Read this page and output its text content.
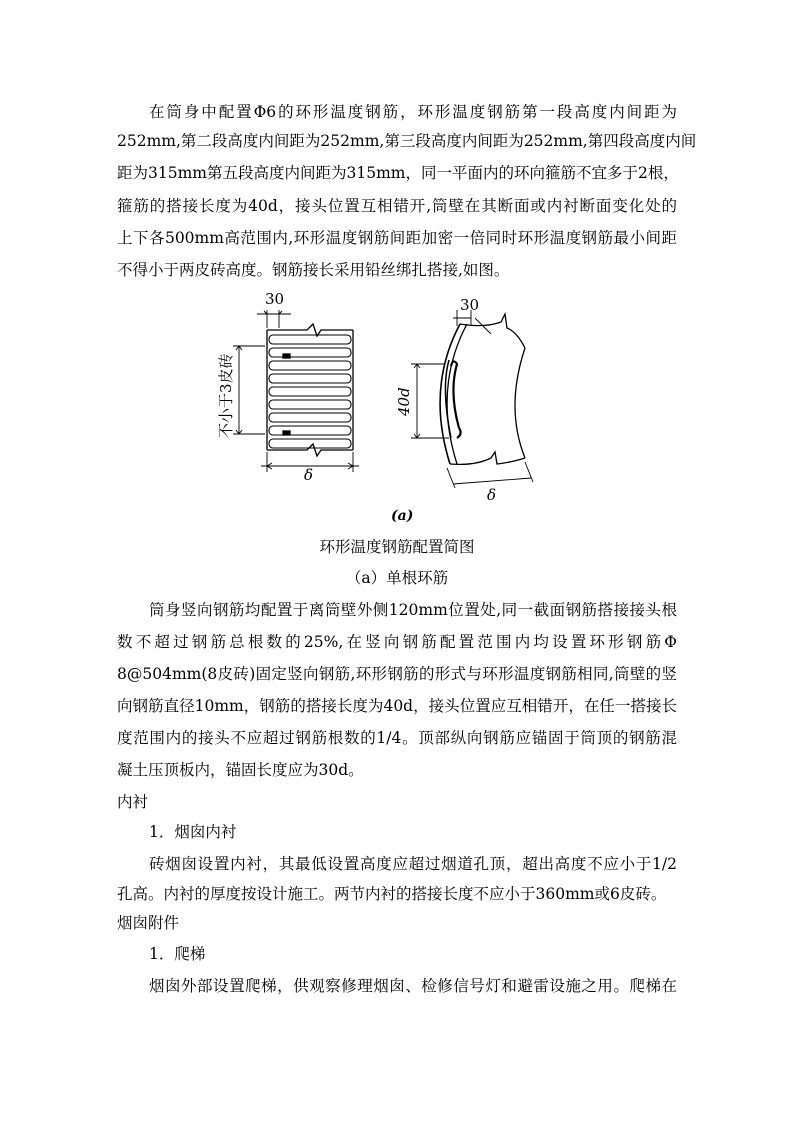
在筒身中配置Φ6的环形温度钢筋，环形温度钢筋第一段高度内间距为
252mm,第二段高度内间距为252mm,第三段高度内间距为252mm,第四段高度内间
距为315mm第五段高度内间距为315mm，同一平面内的环向箍筋不宜多于2根，
箍筋的搭接长度为40d，接头位置互相错开,筒壁在其断面或内衬断面变化处的
上下各500mm高范围内,环形温度钢筋间距加密一倍同时环形温度钢筋最小间距
不得小于两皮砖高度。钢筋接长采用铅丝绑扎搭接,如图。
30
不小于3皮砖
δ
30
40d
δ
(a)
环形温度钢筋配置简图
（a）单根环筋
筒身竖向钢筋均配置于离筒壁外侧120mm位置处,同一截面钢筋搭接接头根
数不超过钢筋总根数的25%,在竖向钢筋配置范围内均设置环形钢筋Φ
8@504mm(8皮砖)固定竖向钢筋,环形钢筋的形式与环形温度钢筋相同,筒壁的竖
向钢筋直径10mm，钢筋的搭接长度为40d，接头位置应互相错开，在任一搭接长
度范围内的接头不应超过钢筋根数的1/4。顶部纵向钢筋应锚固于筒顶的钢筋混
凝土压顶板内，锚固长度应为30d。
内衬
1．烟囱内衬
砖烟囱设置内衬，其最低设置高度应超过烟道孔顶，超出高度不应小于1/2
孔高。内衬的厚度按设计施工。两节内衬的搭接长度不应小于360mm或6皮砖。
烟囱附件
1．爬梯
烟囱外部设置爬梯，供观察修理烟囱、检修信号灯和避雷设施之用。爬梯在
